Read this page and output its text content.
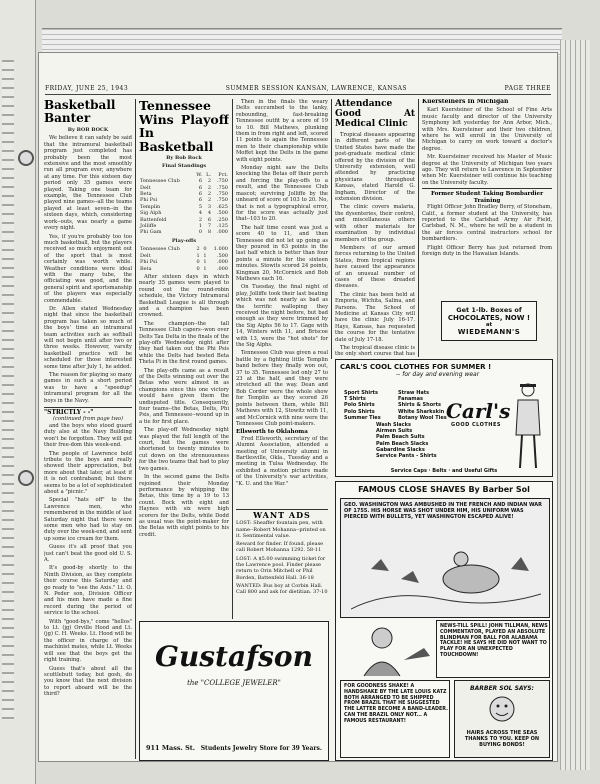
FRIDAY, JUNE 25, 1943	SUMMER SESSION KANSAN, LAWRENCE, KANSAS	PAGE THREE
Basketball Banter
By BOB BOCK

We believe it can safely be said that the intramural basketball program just completed has probably been the most extensive and the most smoothly run all program ever, anywhere at any time. For this sixteen day period only 35 games were played. Taking one team for example, the Tennessee Club played nine games--all the teams played at least seven--in the sixteen days, which, considering work--outs, was nearly a game every night.

Yes, if you're probably too too much basketball, but the players received so much enjoyment out of the sport that is most certainly was worth while. Weather conditions were ideal with the many tube, the officiating was good, and the general spirit and sportsmanship of the players was especially commendable.

Dr. Allen stated Wednesday night that since the basketball program has taken so much of the boys' time an intramural team activities such as softball will not begin until after two or three weeks. However, varsity basketball practice will be scheduled for those interested some time after July 1, he added.

The reason for playing so many games in such a short period was to have a "speedup" intramural program for all the boys in the Navy.

"STRICTLY - -"
(continued from page two)

and the boys who stood guard duty also at the Navy Building won't be forgotten. They will get their free-dom this week-end.

The people of Lawrence bold tribute to the boys and really showed their appreciation, but more about that later, at least if it is not contraband; but there seems to be a lot of sophisticated about a "picnic."

Special "hats off" to the Lawrence men, who remembered in the middle of last Saturday night that there were some men who had to stay on duty over the week-end, and sent up some ice cream for them.

Guess it's all proof that you just can't beat the good old U. S. A.

It's good-by shortly to the Ninth Division, as they complete their course this Saturday and go ready to "see the Axis." Lt. O. N. Peder son, Division Officer and his men have made a fine record during the period of service to the school.

With "good-bys," come "hellos" to Lt. (jg) Orville Hood and Lt. (jg) C. H. Weeks. Lt. Hood will be the officer in charge of the machinist mates, while Lt. Weeks will see that the boys get the right training.

Guess that's about all the scuttlebutt today, but gosh, do you know that the next division to report aboard will be the third?

Tennessee Wins Playoff In Basketball
By Bob Bock
Final Standings
	W.	L.	Pct.
Tennessee Club	6	2	.750
Delt	6	2	.750
Beta	6	2	.750
Phi Psi	6	2	.750
Templin	5	3	.625
Sig Alph	4	4	.500
Battenfeld	2	6	.250
Jolliffe	1	7	.125
Phi Gam	0	8	.000
Play-offs
Tennessee Club	2	0	1.000
Delt	1	1	.500
Phi Psi	0	1	.000
Beta	0	1	.000

After sixteen days in which nearly 35 games were played to round out the round-robin schedule, the Victory Intramural Basketball League is all through and a champion has been crowned.

The champion--the tall Tennessee Club capers--won over Delts Tau Delta in the finals of the play-offs Wednesday night after they had taken out the Phi Psis while the Delts had bested Beta Theta Pi in the first round games.

The play-offs came as a result of the Delts winning out over the Betas who were almost in as champions since this one victory would have given them the undisputed title. Consequently, four teams--the Betas, Delts, Phi Psis, and Tennessee--wound up in a tie for first place.

The play-off Wednesday night was played the full length of the court, but the games were shortened to twenty minutes to cut down on the strenuousness for the two teams that had to play two games.

In the second game the Delts rejoined their Monday performance by whipping the Betas, this time by a 19 to 13 count. Bock with eight and Haynes with six were high scorers for the Delts, while Dodd as usual was the point-maker for the Betas with eight points to his credit.

Then in the finals the weary Delts succumbed to the lanky, rebounding, fast-breaking Tennessee outfit by a score of 19 to 10. Bill Mathews, plunking them in from right and left, scored 11 points to again the Tennessee men to their championship while Moffet kept the Delts in the game with eight points.

Monday night saw the Delts knocking the Betas off their perch and forcing the play-offs to a result, and the Tennessee Club mascot; surviving Jolliffe by the unheard of score of 103 to 20. No, that is not a typographical error, for the score was actually just that--103 to 20.

The half time count was just a score 40 to 11, and then Tennessee did not let up going as they poured in 63 points in the last half which is better than four points a minute for the sixteen minutes. Stowits scored 24 points, Kingman 20, McCornick and Bob Mathews each 16.

On Tuesday, the final night of play, Jolliffe took their last beating which was not nearly as bad as the terrific walloping they received the night before, but bad enough as they were trimmed by the Sig Alphs 56 to 17. Gage with 14, Winters with 11, and Briscoe with 13, were the "hot shots" for the Sig Alphs.

Tennessee Club was given a real battle by a fighting little Templin band before they finally won out, 37 to 35. Tennessee led only 27 to 23 at the half, and they were stretched all the way. Dean and Bob Corder were the whole show for Templin as they scored 26 points between them, while Bill Mathews with 12, Stowitz with 11, and McCornick with nine were the Tennessee Club point-makers.

Ellsworth to Oklahoma

Fred Ellsworth, secretary of the Alumni Association, attended a meeting of University alumni in Bartlesville, Okla., Tuesday and a meeting in Tulsa Wednesday. He exhibited a motion picture made of the University's war activities, "K. U. and the War."

WANT ADS

LOST: Sheaffer fountain pen, with name--Robert Mohanna--printed on it. Sentimental value.

Reward for finder. If found, please call Robert Mohanna 1292. 58-11

LOST: A $5.00 swimming ticket for the Lawrence pool. Finder please return to Orin Mitchell or Phil Borden, Battenfeld Hall. 36-18

WANTED: Bus boy at Corbin Hall. Call 800 and ask for dietitian. 37-10

Gustafson
the "COLLEGE JEWELER"
911 Mass. St. Students Jewelry Store for 39 Years.
Attendance Good At Medical Clinic

Tropical diseases appearing in different parts of the United States have made the post-graduate medical clinic offered by the division of the University extension, well attended by practicing physicians throughout Kansas, stated Harold G. Ingham, Director of the extension division.

The clinic covers malaria, the dysenteries, their control, and miscellaneous others with other materials for examination by individual members of the group.

Members of our armed forces returning to the United States, from tropical regions have caused the appearance of an unusual number of cases of these dreaded diseases.

The clinic has been held at Emporia, Wichita, Salina, and Parsons. The School of Medicine at Kansas City will have the clinic July 16-17. Hays, Kansas, has requested the course for the tentative date of July 17-18.

The tropical disease clinic is the only short course that has

Kuersteiners In Michigan

Karl Kuersteiner of the School of Fine Arts music faculty and director of the University Symphony left yesterday for Ann Arbor, Mich., with Mrs. Kuersteiner and their two children, where he will enroll in the University of Michigan to carry on work toward a doctor's degree.

Mr. Kuersteiner received his Master of Music degree at the University of Michigan two years ago. They will return to Lawrence in September when Mr. Kuersteiner will continue his teaching on the University faculty.

Former Student Taking Bombardier Training

Flight Officer John Bradley Berry, of Stoneham, Calif., a former student at the University, has reported to the Carlsbad Army Air Field, Carlsbad, N. M., where he will be a student in the air forces central instructors school for bombardiers.

Flight Officer Berry has just returned from foreign duty in the Hawaiian Islands.

Get 1-lb. Boxes of
CHOCOLATES, NOW !
at
WIEDEMANN'S
CARL'S COOL CLOTHES FOR SUMMER !
-- for day and evening wear
Sport Shirts
T Shirts
Polo Shirts
Polo Shirts
Summer Ties
Straw Hats
Fanamas
Shirts & Shorts
White Sharkskin
Botany Wool Ties
Wash Slacks
Airmen Suits
Palm Beach Suits
Palm Beach Slacks
Gabardine Slacks
Service Pants - Shirts
Carl's
GOOD CLOTHES
Service Caps · Belts · and Useful Gifts
FAMOUS CLOSE SHAVES By Barber Sol
GEO. WASHINGTON WAS AMBUSHED IN THE FRENCH AND INDIAN WAR OF 1755. HIS HORSE WAS SHOT UNDER HIM, HIS UNIFORM WAS PIERCED WITH BULLETS, YET WASHINGTON ESCAPED ALIVE!
NEWS-TILL SPILL! JOHN TILLMAN, NEWS COMMENTATOR, PLAYED AN ABSOLUTE BLINDMAN FOR BALL FOR ALABAMA TACKLE! HE SAYS HE DID NOT WANT TO PLAY FOR AN UNEXPECTED TOUCHDOWN!
FOR GOODNESS SHAKE! A HANDSHAKE BY THE LATE LOUIS KATZ BOTH ARRANGED TO BE SHIPPED FROM BRAZIL THAT HE SUGGESTED THE LATTER BECOME A BAND-LEADER. CAN THE BRAZIL ONLY NOT... A FAMOUS RESTAURANT!
BARBER SOL SAYS:
HAIRS ACROSS THE SEAS THANKS TO YOU. KEEP ON BUYING BONDS!
